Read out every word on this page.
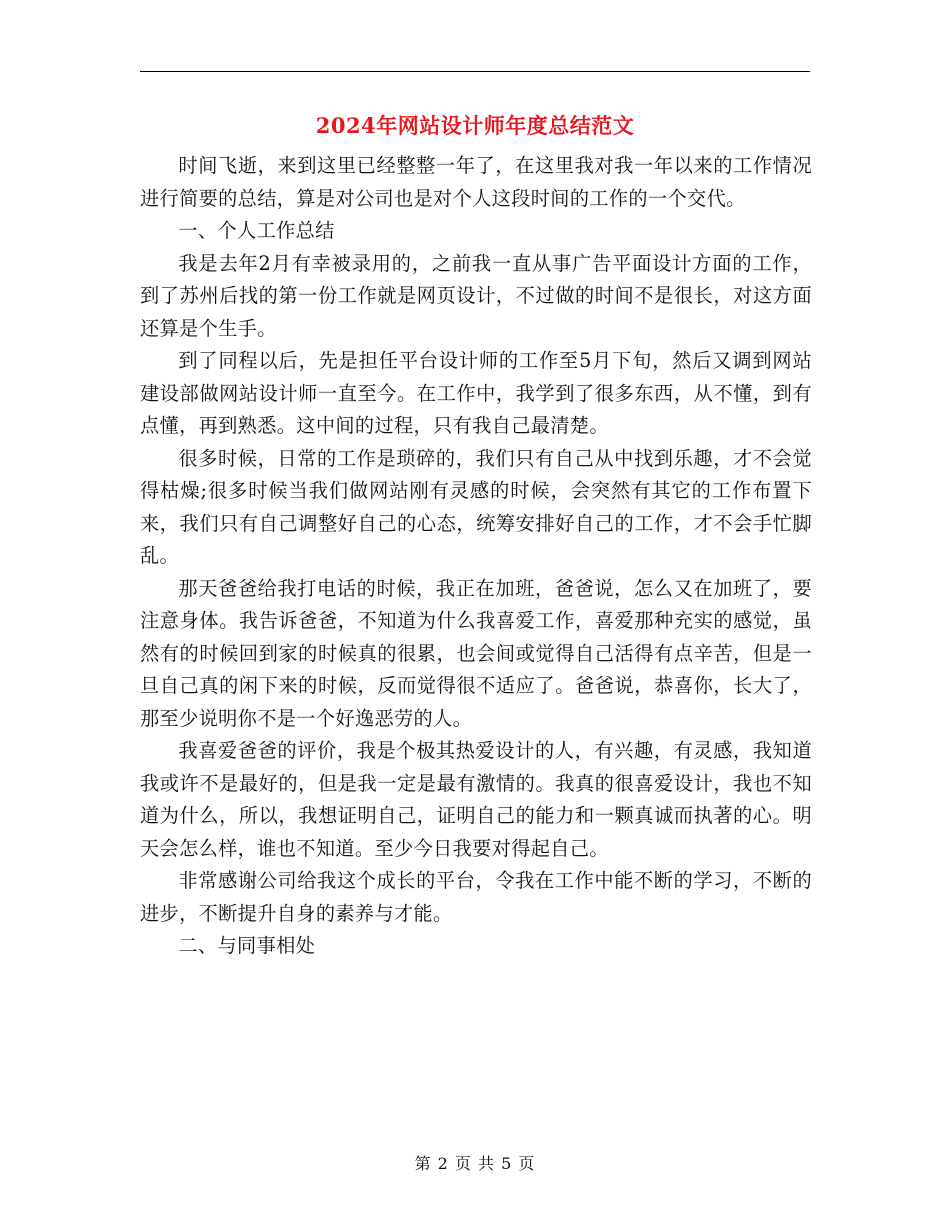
2024年网站设计师年度总结范文

时间飞逝，来到这里已经整整一年了，在这里我对我一年以来的工作情况进行简要的总结，算是对公司也是对个人这段时间的工作的一个交代。

一、个人工作总结

我是去年2月有幸被录用的，之前我一直从事广告平面设计方面的工作，到了苏州后找的第一份工作就是网页设计，不过做的时间不是很长，对这方面还算是个生手。

到了同程以后，先是担任平台设计师的工作至5月下旬，然后又调到网站建设部做网站设计师一直至今。在工作中，我学到了很多东西，从不懂，到有点懂，再到熟悉。这中间的过程，只有我自己最清楚。

很多时候，日常的工作是琐碎的，我们只有自己从中找到乐趣，才不会觉得枯燥;很多时候当我们做网站刚有灵感的时候，会突然有其它的工作布置下来，我们只有自己调整好自己的心态，统筹安排好自己的工作，才不会手忙脚乱。

那天爸爸给我打电话的时候，我正在加班，爸爸说，怎么又在加班了，要注意身体。我告诉爸爸，不知道为什么我喜爱工作，喜爱那种充实的感觉，虽然有的时候回到家的时候真的很累，也会间或觉得自己活得有点辛苦，但是一旦自己真的闲下来的时候，反而觉得很不适应了。爸爸说，恭喜你，长大了，那至少说明你不是一个好逸恶劳的人。

我喜爱爸爸的评价，我是个极其热爱设计的人，有兴趣，有灵感，我知道我或许不是最好的，但是我一定是最有激情的。我真的很喜爱设计，我也不知道为什么，所以，我想证明自己，证明自己的能力和一颗真诚而执著的心。明天会怎么样，谁也不知道。至少今日我要对得起自己。

非常感谢公司给我这个成长的平台，令我在工作中能不断的学习，不断的进步，不断提升自身的素养与才能。

二、与同事相处

第 2 页 共 5 页
